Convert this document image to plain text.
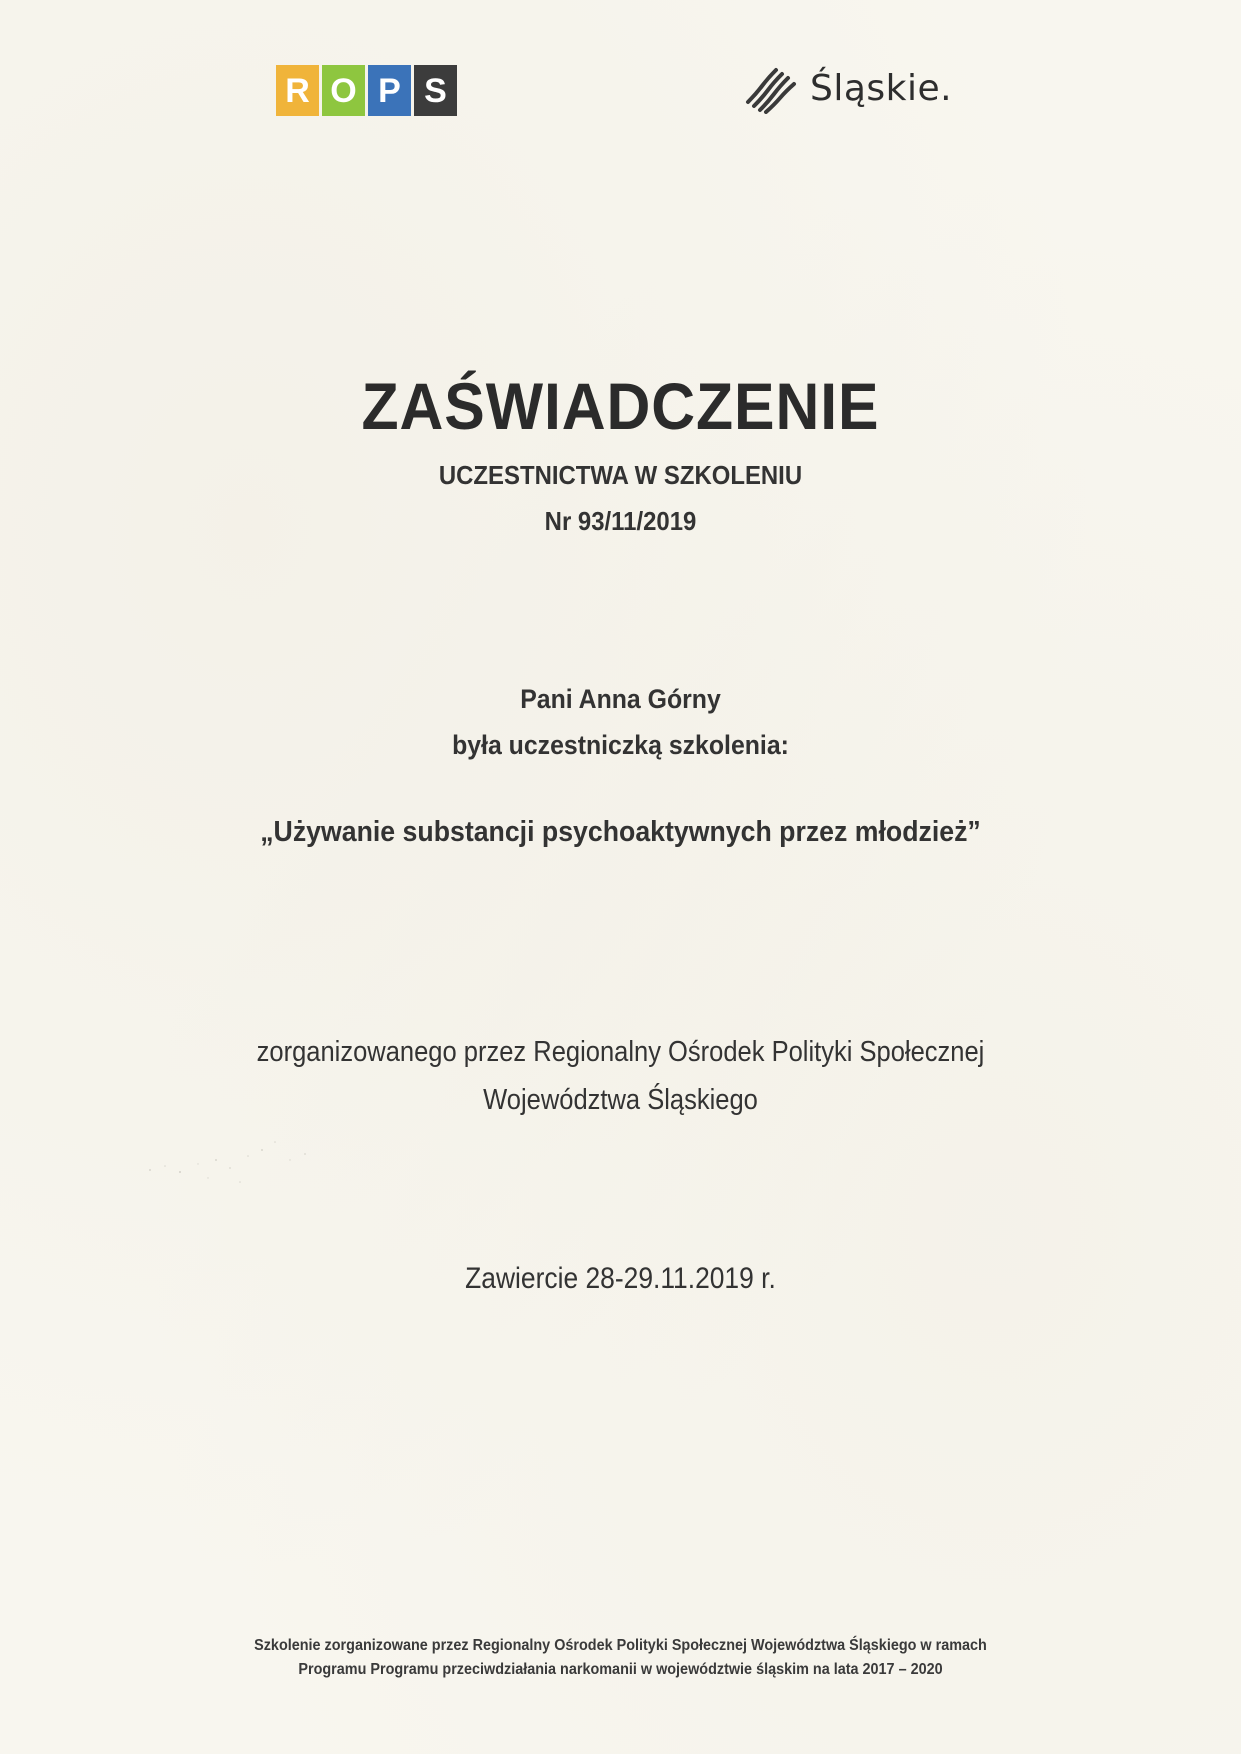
R O P S	Śląskie.
ZAŚWIADCZENIE
UCZESTNICTWA W SZKOLENIU
Nr 93/11/2019
Pani Anna Górny
była uczestniczką szkolenia:
„Używanie substancji psychoaktywnych przez młodzież”
zorganizowanego przez Regionalny Ośrodek Polityki Społecznej
Województwa Śląskiego
Zawiercie 28-29.11.2019 r.
Szkolenie zorganizowane przez Regionalny Ośrodek Polityki Społecznej Województwa Śląskiego w ramach
Programu Programu przeciwdziałania narkomanii w województwie śląskim na lata 2017 – 2020
